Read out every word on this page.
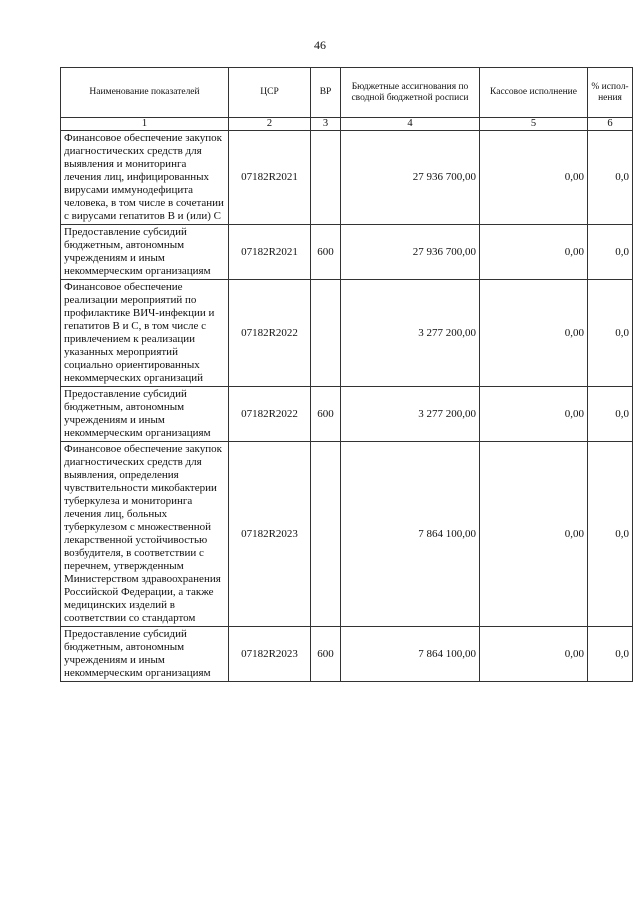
46
Наименование показателей	ЦСР	ВР	Бюджетные ассигнования по сводной бюджетной росписи	Кассовое исполнение	% испол-нения
1	2	3	4	5	6
Финансовое обеспечение закупок диагностических средств для выявления и мониторинга лечения лиц, инфицированных вирусами иммунодефицита человека, в том числе в сочетании с вирусами гепатитов B и (или) C	07182R2021		27 936 700,00	0,00	0,0
Предоставление субсидий бюджетным, автономным учреждениям и иным некоммерческим организациям	07182R2021	600	27 936 700,00	0,00	0,0
Финансовое обеспечение реализации мероприятий по профилактике ВИЧ-инфекции и гепатитов B и C, в том числе с привлечением к реализации указанных мероприятий социально ориентированных некоммерческих организаций	07182R2022		3 277 200,00	0,00	0,0
Предоставление субсидий бюджетным, автономным учреждениям и иным некоммерческим организациям	07182R2022	600	3 277 200,00	0,00	0,0
Финансовое обеспечение закупок диагностических средств для выявления, определения чувствительности микобактерии туберкулеза и мониторинга лечения лиц, больных туберкулезом с множественной лекарственной устойчивостью возбудителя, в соответствии с перечнем, утвержденным Министерством здравоохранения Российской Федерации, а также медицинских изделий в соответствии со стандартом	07182R2023		7 864 100,00	0,00	0,0
Предоставление субсидий бюджетным, автономным учреждениям и иным некоммерческим организациям	07182R2023	600	7 864 100,00	0,00	0,0
